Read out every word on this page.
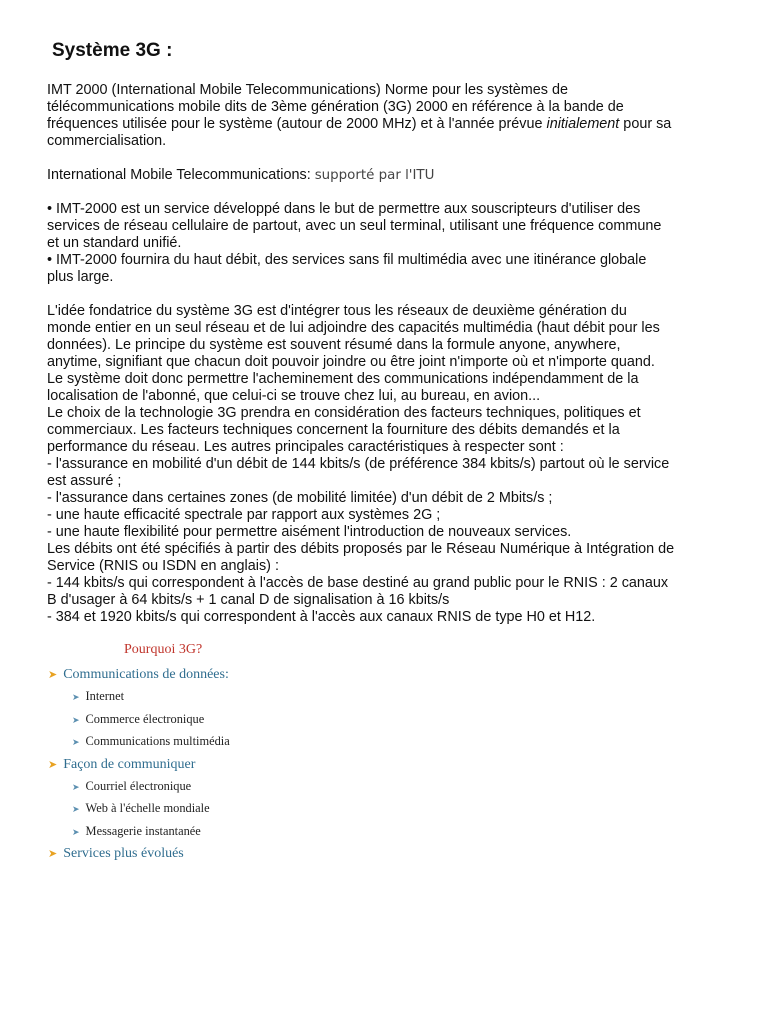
Système 3G :

IMT 2000 (International Mobile Telecommunications) Norme pour les systèmes de
télécommunications mobile dits de 3ème génération (3G) 2000 en référence à la bande de
fréquences utilisée pour le système (autour de 2000 MHz) et à l'année prévue initialement pour sa
commercialisation.

International Mobile Telecommunications: supporté par l'ITU

• IMT-2000 est un service développé dans le but de permettre aux souscripteurs d'utiliser des
services de réseau cellulaire de partout, avec un seul terminal, utilisant une fréquence commune
et un standard unifié.
• IMT-2000 fournira du haut débit, des services sans fil multimédia avec une itinérance globale
plus large.

L'idée fondatrice du système 3G est d'intégrer tous les réseaux de deuxième génération du
monde entier en un seul réseau et de lui adjoindre des capacités multimédia (haut débit pour les
données). Le principe du système est souvent résumé dans la formule anyone, anywhere,
anytime, signifiant que chacun doit pouvoir joindre ou être joint n'importe où et n'importe quand.
Le système doit donc permettre l'acheminement des communications indépendamment de la
localisation de l'abonné, que celui-ci se trouve chez lui, au bureau, en avion...
Le choix de la technologie 3G prendra en considération des facteurs techniques, politiques et
commerciaux. Les facteurs techniques concernent la fourniture des débits demandés et la
performance du réseau. Les autres principales caractéristiques à respecter sont :
- l'assurance en mobilité d'un débit de 144 kbits/s (de préférence 384 kbits/s) partout où le service
est assuré ;
- l'assurance dans certaines zones (de mobilité limitée) d'un débit de 2 Mbits/s ;
- une haute efficacité spectrale par rapport aux systèmes 2G ;
- une haute flexibilité pour permettre aisément l'introduction de nouveaux services.
Les débits ont été spécifiés à partir des débits proposés par le Réseau Numérique à Intégration de
Service (RNIS ou ISDN en anglais) :
- 144 kbits/s qui correspondent à l'accès de base destiné au grand public pour le RNIS : 2 canaux
B d'usager à 64 kbits/s + 1 canal D de signalisation à 16 kbits/s
- 384 et 1920 kbits/s qui correspondent à l'accès aux canaux RNIS de type H0 et H12.

Pourquoi 3G?

➤ Communications de données:

➤ Internet

➤ Commerce électronique

➤ Communications multimédia

➤ Façon de communiquer

➤ Courriel électronique

➤ Web à l'échelle mondiale

➤ Messagerie instantanée

➤ Services plus évolués
